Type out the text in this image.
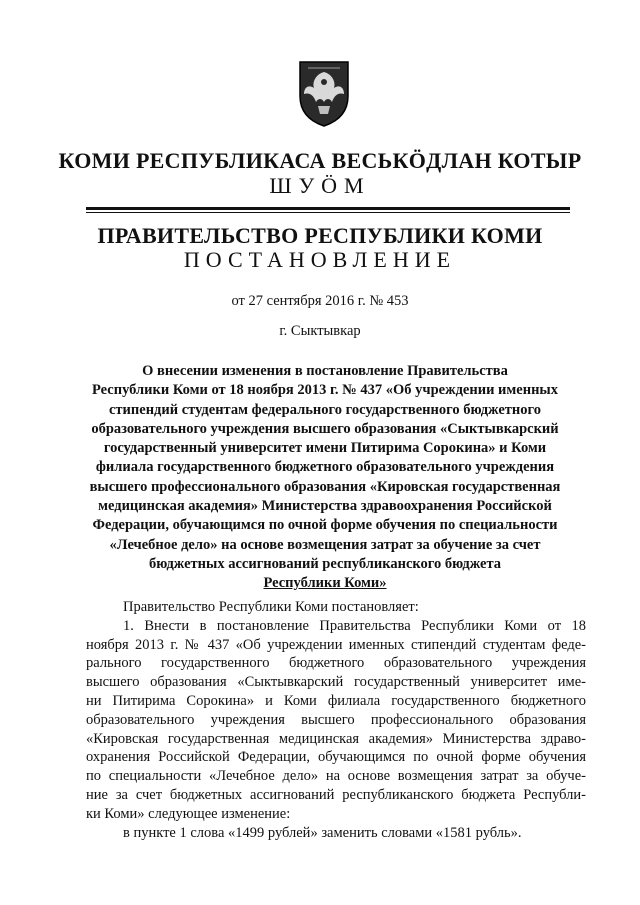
КОМИ РЕСПУБЛИКАСА ВЕСЬКӦДЛАН КОТЫР
ШУӦМ
ПРАВИТЕЛЬСТВО РЕСПУБЛИКИ КОМИ
ПОСТАНОВЛЕНИЕ
от 27 сентября 2016 г. № 453
г. Сыктывкар
О внесении изменения в постановление Правительства
Республики Коми от 18 ноября 2013 г. № 437 «Об учреждении именных
стипендий студентам федерального государственного бюджетного
образовательного учреждения высшего образования «Сыктывкарский
государственный университет имени Питирима Сорокина» и Коми
филиала государственного бюджетного образовательного учреждения
высшего профессионального образования «Кировская государственная
медицинская академия» Министерства здравоохранения Российской
Федерации, обучающимся по очной форме обучения по специальности
«Лечебное дело» на основе возмещения затрат за обучение за счет
бюджетных ассигнований республиканского бюджета
Республики Коми»
Правительство Республики Коми постановляет:
1. Внести в постановление Правительства Республики Коми от 18
ноября 2013 г. № 437 «Об учреждении именных стипендий студентам феде-
рального государственного бюджетного образовательного учреждения
высшего образования «Сыктывкарский государственный университет име-
ни Питирима Сорокина» и Коми филиала государственного бюджетного
образовательного учреждения высшего профессионального образования
«Кировская государственная медицинская академия» Министерства здраво-
охранения Российской Федерации, обучающимся по очной форме обучения
по специальности «Лечебное дело» на основе возмещения затрат за обуче-
ние за счет бюджетных ассигнований республиканского бюджета Республи-
ки Коми» следующее изменение:
в пункте 1 слова «1499 рублей» заменить словами «1581 рубль».
